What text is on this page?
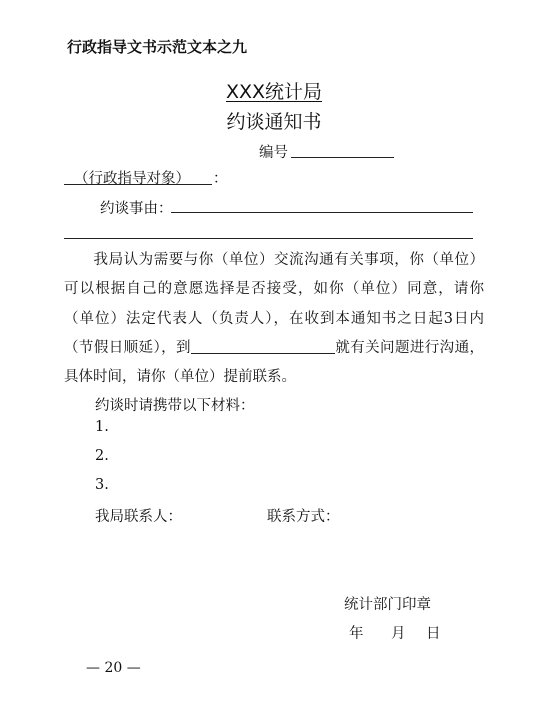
行政指导文书示范文本之九
XXX统计局
约谈通知书
编号
（行政指导对象） ：
约谈事由：
我局认为需要与你（单位）交流沟通有关事项，你（单位）可以根据自己的意愿选择是否接受，如你（单位）同意，请你（单位）法定代表人（负责人），在收到本通知书之日起3日内（节假日顺延），到	就有关问题进行沟通，具体时间，请你（单位）提前联系。
约谈时请携带以下材料：
1.
2.
3.
我局联系人：	联系方式：
统计部门印章
年 月 日
— 20 —
